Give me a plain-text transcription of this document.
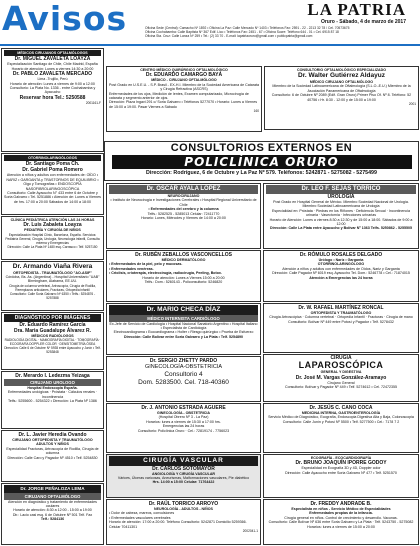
Avisos	LA PATRIA
Oruro - Sábado, 4 de marzo de 2017

Oficina Sede (Central): Camacho Nº 1892 • Oficina La Paz: Calle Mercado Nº 1403 • Teléfonos Fax: 2591 - 22 - 2213 32 78 / Cel. 70573675

Oficina Cochabamba: Calle Baptista Nº 367 Edif. Lico • Teléfonos Fax: 2451 - 67 • Oficina Sucre: Teléfono 644 - 01 • Cel. 6915 87 18

Oficina Sta. Cruz: Calle Lanza Nº 259 • Tel.: (2) 33 70 - E-mail: lapatriaoruro@gmail.com • publicpatria@gmail.com

MÉDICOS CIRUJANOS OFTALMÓLOGOS

Dr. MIGUEL ZAVALETA LOAYZA

Especialización Santiago de Chile, Chile Madrid, España

Horario de atención: Lunes a viernes 14:30 a 20:00

Dr. PABLO ZAVALETA MERCADO

Lima -Trujillo, Perú

Horario de atención: Lunes a viernes de 9:00 a 12:00

Consultorio: La Plata No. 1336 - entre Cochabamba y Ayacucho

Reservar hora Tel.: 5250588

2001161-F

CENTRO MÉDICO QUIRÚRGICO OFTALMOLÓGICO

Dr. EDUARDO CAMARGO BAYÁ

MÉDICO - CIRUJANO OFTALMÓLOGO

Post Grado en U.S.E.U. - S.P. Brasil - EX-H.I. Miembro de la Sociedad Americana de Catarata y Cirugía Refractiva (ASCRS)

Enfermedades de los ojos, Medición de lentes, Examen computarizado, Microcirugía de catarata y segmento anterior de ojos.

Dirección: Plaza Ingavi 291 c/ Soria Galvarro • Teléfonos 5277070 • Horario: Lunes a Viernes de 15:00 a 19:00. Pasar Viernes a Sábado

160

CONSULTORIO OFTALMOLÓGICO ESPECIALIZADO

Dr. Walter Gutiérrez Aldayuz

MÉDICO CIRUJANO OFTALMÓLOGO

Miembro de la Sociedad Latinoamericana de Oftalmología (S.L.O.-E.U.) Miembro de la Asociación Panamericana de Oftalmología

Consultorio: 6 de Octubre Nº 2089 (Edif. Gran Oruro) Primer Piso Of. Nº 8. Teléfono: 52 40756 • Hr. 8:30 - 12:00 y de 15:00 a 19:00

2001

OTORRINOLARINGÓLOGOS

Dr. Santiago Poma Ch.

Dr. Gabriel Poma Romero

Atención a niños y adultos con enfermedades de: OÍDO • NARIZ • GARGANTA y TRASTORNOS DE EQUILIBRIO • Oigo y Tomografías • ENDOSCOPÍA NASOFIBROLARINGOSCÓPICA

Consultorio: Calle Ayacucho N° 433 entre 6 de Octubre y Soria Galvarro • Tel. 5251886 • Atención de: Lunes a Viernes de hrs. 17:00 a 20:00 Sábados de 14:00 a 18:00

CONSULTORIOS EXTERNOS EN
POLICLÍNICA ORURO
Dirección: Rodríguez, 6 de Octubre y La Paz Nº 579. Teléfonos: 5242871 - 5275082 - 5275499
Dr. ÓSCAR AYALA LÓPEZ

NEUROCIRUJANO

• Instituto de Neurocirugía e Investigaciones Cerebrales • Hospital Regional Universitario de Chile

• Enfermedades del cerebro y la columna

Telfs.: 5282525 - 5285013 Celular: 72411770

Horario: Lunes, Miércoles y Viernes de 14:00 a 20:00

Dr. LEO F. SEJAS TORRICO

UROLOGÍA

Post Grado en Hospital General de México. Miembro Sociedad Nacional de Urología. Miembro Sociedad Latinoamericana de Urología

Especialidad en: Próstata · Piedras en los Riñones · Deficiencia Sexual · Incontinencia urinaria · Vasectomía · Infecciones urinarias

Horario de Atención: Lunes a viernes 8:30 a 12:30 y de 15:00 a 18:00. Sábados de 9:00 a 12:00

Dirección: Calle La Plata entre Ayacucho y Bolívar Nº 1363 Telfs. 5250862 - 5255505

CLÍNICA PEDIÁTRICA ATENCIÓN LAS 24 HORAS

Dr. Luis Zabaleta Loayza

PEDIATRÍA Y CIRUGÍA DE NIÑOS

Especialización Hospital Clínic, Barcelona, España. Servicios: Pediatría General, Cirugía, Urología, Neumología infantil, Consulta externa y Emergencias

Dirección: Calle La Plata Nº 1480 esq. Carrasco • Telf. 5257150

Dr. Armando Viaña Rivera

ORTOPEDISTA - TRAUMATÓLOGO "AO-ASIF"

Córdoba, Bs. As. (Argentina) - Hospital Universitario "UAB" Birmingham, Alabama, EE.UU.

Cirugía de columna vertebral, Artroscopía, Cirugía de Rodilla, Reemplazos articulares, Fracturas, Ortopedia infantil

Consultorio: Calle Soria Galvarro Nº 6350 • Telfs.: 5254876 - 5257888

DIAGNÓSTICO POR IMÁGENES

Dr. Eduardo Ramírez García

Dra. Maria Guadalupe Álvarez R.

MÉDICOS RADIÓLOGOS

RADIOLOGÍA DIGITAL · MAMOGRAFÍA DIGITAL · TOMOGRAFÍA · ECOGRAFÍA DOPPLER COLOR · DENSITOMETRÍA ÓSEA

Dirección: Calle 6 de Octubre Nº 5935 entre Ayacucho y Junín • Telf. 5253848

Dr. RUBÉN ZEBALLOS VASCONCELLOS

MÉDICO DERMATÓLOGO

• Enfermedades de la piel, pelo y mucosas.

• Enfermedades venéreas.

• Criolisis, crioterapia, electrocirugía, radiocirugía, Peeling, Botox.

Horario de atención: Lunes a Viernes 15:00 a 20:00

Telfs.: Dom.: 5260143 - Policonsultorio: 5246820

Dr. RÓMULO ROSALES DELGADO

Urólogo • Nariz • Garganta

OTORRINOLARINGÓLOGO

Atención a niños y adultos con enfermedades de Oídos, Nariz y Garganta

Dirección: Calle Pagador Nº 6019 esq. Ayacucho Tel. Dom.: 5246778 • Cel.: 71874015

Atención a Emergencias las 24 horas

Dr. MARIO CHECA DÍAZ
MÉDICO INTERNISTA CARDIÓLOGO

Ex-Jefe de Servicio de Cardiología • Hospital Nacional Sanatorio Argentino • Hospital Italiano • Especialista de Cardiología

Electrocardiograma • Ecocardiograma • Holter • Riesgo quirúrgico • Prueba de Esfuerzo

Dirección: Calle Bolívar entre Soria Galvarro y La Plata • Telf. 5254890

Dr. W. RAFAEL MARTÍNEZ RONCAL

ORTOPEDISTA Y TRAUMATÓLOGO

Cirugía Artroscópica · Columna vertebral · Ortopedia Infantil · Fracturas · Cirugía de mano

Consultorio: Bolívar Nº 449 entre Potosí y Pagador • Telf. 5278432

Dr. SERGIO ZHETTY PARDO

GINECOLOGÍA-OBSTETRICIA

Consultorio 4

Dom. 5283500. Cel. 718-40360

CIRUGÍA

LAPAROSCÓPICA

GENERAL Y DIGESTIVA

Dr. José M. Vargas González-Aramayo

Cirujano General

Consultorio: Bolívar y Pagador Nº 449 • Telf. 5274612 • Cel. 72472355

Dr. J. ANTONIO ESTRADA AGUERE

GINECOLOGÍA - OBSTETRICIA

(Hospital Obrero Nº 3 - La Paz)

Horarios: lunes a viernes de 15:30 a 17:00 hrs.

Emergencias las 24 horas

Consultorio: Policlínica Oruro · Cel.: 72819174 - 7756023

Dr. JESÚS C. CANO COCA

MEDICINA INTERNA, GASTROENTEROLOGÍA

Servicio Médico de Diagnóstico, Ecografía, Endoscopia Digestiva Alta y Baja, Colonoscopia

Consultorio: Calle Junín y Potosí Nº 5500 • Telf. 5277500 • Cel.: 7178 7 2

CIRUGÍA VASCULAR

Dr. CARLOS SOTOMAYOR

ANGIOLOGÍA Y CIRUGÍA VASCULAR

Várices, Úlceras varicosas, Aneurismas, Malformaciones vasculares, Pie diabético

Hrs. 14:00 a 15:00 Celular: 71764422

ECOGRAFÍA - ECOCARDIOGRAFÍA

Dr. BRUNO JOAQUÍN IPORRE GODOY

Especialidad en Ecografía 3D y 4D, Doppler color

Dirección: Calle Ayacucho entre Soria Galvarro Nº 477 • Telf. 5251570

Dr. Merardo I. Ledezma Yeizaga

CIRUJANO UROLOGO

Hospital Endoscopia España.

Enfermedades urológicas · Próstata · Cálculos renales · Incontinencia

Telfs.: 5255600 - 5254322 • Dirección: La Plata Nº 1386

Dr. L. Javier Heredia Ovando

CIRUJANO ORTOPEDISTA Y TRAUMATÓLOGO

ADULTOS Y NIÑOS

Especialidad Fracturas, Artroscopía de Rodilla, Cirugía de columna

Dirección: Calle Caro y Pagador Nº 4510 • Telf. 5254830

Dr. JORGE PEÑALOZA LEMA
CIRUJANO OFTALMÓLOGO

Atención en diagnóstico y tratamiento de enfermedades oculares

Horario de atención: 8:30 a 12:00 - 15:00 a 19:00

Dir.: Lacio casi esq. 6 de Octubre Nº 501 Telf. Fax

Telf.: 5284136

Dr. RAÚL TORRICO ARROYO

NEUROLOGÍA - ADULTOS - NIÑOS

• Dolor de cabeza, mareos, convulsiones

• Enfermedades vasculares cerebrales

Horario de atención: 17:00 a 20:00. Teléfono Consultorio: 5242871 Domicilio 5259366. Celular 70411301

2002041-1

Dr. FREDDY ANDRADE B.

Especialista en niños - Servicio Médico de Especialidades

Enfermedades propias de la infancia.

Cirugía general en niños. Control de crecimiento y desarrollo. Vacunas.

Consultorio: Calle Bolívar Nº 636 entre Soria Galvarro y La Plata · Telf. 5243750 - 5275082

Horarios: lunes a viernes de 15:00 a 20:00
